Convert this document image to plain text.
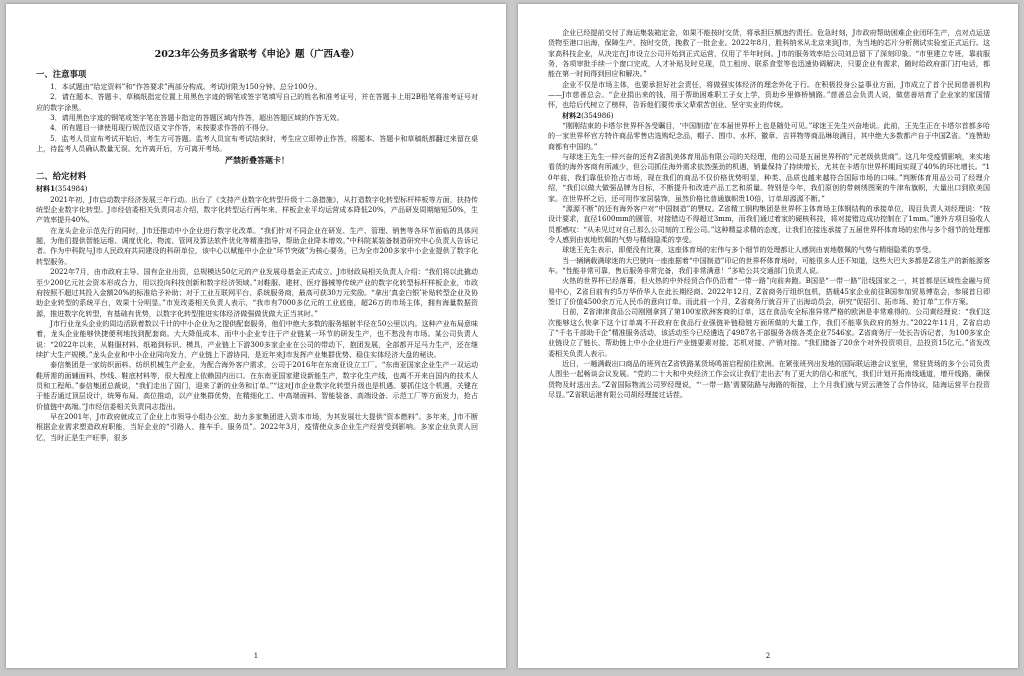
2023年公务员多省联考《申论》题（广西A卷）
一、注意事项

1．本试题由“给定资料”和“作答要求”两部分构成。考试时限为150分钟。总分100分。

2．请在题本、答题卡、草稿纸指定位置上用黑色字迹的钢笔或签字笔填写自己的姓名和准考证号，并在答题卡上用2B铅笔将准考证号对应的数字涂黑。

3．请用黑色字迹的钢笔或签字笔在答题卡指定的答题区域内作答，超出答题区域的作答无效。

4．所有题目一律使用现行规范汉语文字作答，未按要求作答的不得分。

5．监考人员宣布考试开始后，考生方可答题。监考人员宣布考试结束时，考生应立即停止作答，将题本、答题卡和草稿纸都翻过来留在桌上，待监考人员确认数量无误、允许离开后，方可离开考场。

严禁折叠答题卡！
二、给定材料
材料1(354984)

2021年初，J市启动数字经济发展三年行动。出台了《支持产业数字化转型升级十二条措施》，从打造数字化转型标杆样板等方面，扶持传统型企业数字化转型。J市经信委相关负责同志介绍，数字化转型运行两年来，样板企业平均运营成本降低20%，产品研发周期缩短50%，生产效率提升40%。

在龙头企业示范先行的同时，J市还推动中小企业进行数字化改革。“我们针对不同企业在研发、生产、管理、销售等各环节面临的具体问题，为他们提供智能运维、调度优化、物流、管网及算法软件优化等精准指导，帮助企业降本增效。”中科院某装备制造研究中心负责人告诉记者。作为中科院与J市人民政府共同建设的科研单位，该中心以赋能中小企业“环节突破”为核心要务，已为全市200多家中小企业提供了数字化转型服务。

2022年7月，由市政府主导、国有企业出资，总规模达50亿元的产业发展母基金正式成立。J市财政局相关负责人介绍：“我们将以此撬动至少200亿元社会资本形成合力，用以投向科技创新和数字经济领域。”对鞋服、建材、医疗器械等传统产业的数字化转型标杆样板企业，市政府按照不超过其投入金额20%的标准给予补助；对于工业互联网平台、系统服务商，最高可获30万元奖励。“拿出‘真金白银’补贴转型企业及协助企业转型的系统平台，效果十分明显。”市发改委相关负责人表示，“我市有7000多亿元的工业底座，超26万的市场主体，拥有海量数据资源，推进数字化转型，有基础有优势，以数字化转型推进实体经济做强做优做大正当其时。”

J市行业龙头企业的周边活跃着数以千计的中小企业为之提供配套服务，他们中绝大多数的服务辐射半径在50公里以内。这种产业布局意味着，龙头企业能够快捷便利地找到配套商。大大降低成本，而中小企业专注于产业链某一环节的研发生产，也不愁没有市场。某公司负责人说：“2022年以来，从鞋服材料、纸箱到标识、模具，产业链上下游300多家企业在公司的带动下，抱团发展，全部都开足马力生产，还在继续扩大生产规模。”龙头企业和中小企业同向发力，产业链上下游协同，是近年来J市发挥产业集群优势、稳住实体经济大盘的秘诀。

泰信集团是一家纺织面料、纺织机械生产企业，为配合海外客户需求，公司于2016年在东南亚设立工厂。“东南亚国家企业生产一双运动鞋所需的面辅面料、纱线、鞋底材料等，很大程度上依赖国内出口。在东南亚国家建设新能生产，数字化生产线，也离不开来自国内的技术人员和工程师。”泰信集团总裁说，“我们走出了国门，迎来了新的业务和订单。”“这对J市企业数字化转型升级也是机遇。要抓住这个机遇，关键在于能否通过顶层设计，统筹布局、高位推动，以产业集群优势，在精细化工、中高端面料、智能装备、高端设备、示范工厂等方面发力，抢占价值链中高端。”J市经信委相关负责同志指出。

早在2001年，J市政府就成立了企业上市领导小组办公室，助力多家集团进入资本市场，为其发展壮大提供“资本燃料”。多年来，J市不断根据企业需求塑造政府职能，当好企业的“引路人、推车手、服务员”。2022年3月，疫情使众多企业生产经营受到影响。多家企业负责人回忆，当时正是生产旺季，很多

1

企业已经提前交付了海运集装箱定金，如果不能按时交货，将承担巨额违约责任。危急时刻，J市政府帮助困难企业闭环生产，点对点运送货物至港口出海，保障生产、按时交货，挽救了一批企业。2022年8月，胜科纳米从北京来到J市，为当地的芯片分析测试实验室正式运行。这家高科技企业，从决定在J市设立公司开始到正式运营，仅用了半年时间。J市的服务效率给公司刘总留下了深刻印象。“市里建立专班，靠前服务，各项审批手续一个窗口完成，人才补贴及时兑现，员工租房、联系食堂等也迅速协调解决，只要企业有需求，随时给政府部门打电话，都能在第一时间得到回应和解决。”

企业不仅是市场主体，也要承担好社会责任，将做强实体经济的理念外化于行。在积极投身公益事业方面，J市成立了首个民间慈善机构——J市慈善总会。“企业捐出来的钱，用于帮助困难职工子女上学，资助乡里修桥铺路。”慈善总会负责人说，做慈善培育了企业家的家国情怀，也给后代树立了榜样，告诉他们要传承父辈艰苦创业、坚守实业的传统。

材料2(354986)

“刚刚结束的卡塔尔世界杯各受瞩目，‘中国制造’在本届世界杯上也是随处可见。”球迷王先生兴奋地说。此前，王先生正在卡塔尔首都多哈的一家世界杯官方特许商品零售店选购纪念品，帽子、围巾、水杯、徽章、吉祥物等商品琳琅满目，其中绝大多数都产自于中国Z省。“连赞助商都有中国的。”

与球迷王先生一样兴奋的还有Z省凯美体育用品有限公司的关经理，他的公司是五届世界杯的“元老级供货商”。这几年受疫情影响，来实地看货的海外客商有所减少，但公司抓住海外需求依然强劲的机遇，销量保持了持续增长，尤其在卡塔尔世界杯期间实现了40%的环比增长。“10年前，我们靠低价抢占市场，现在我们的商品不仅价格优势明显，种类、品质也越来越符合国际市场的口味。”判断体育用品公司了经理介绍，“我们以做大做强品牌为目标，不断提升和改进产品工艺和质量。特别是今年，我们原创的带刺绣图案的牛津布旗帜，大量出口到欧美国家。在世界杯之后，还可用作家居装饰，虽然价格比普通旗帜贵10倍，订单却源源不断。”

“源源不断”的还有海外客户对“中国制造”的赞叹。Z省精工钢构集团是世界杯主体育场主体钢结构的承接单位，现目负责人刘经理说：“按设计要求，直径1600mm的圆管，对接错边不得超过3mm，而我们通过着家的硬核科技，将对接错边成功控制在了1mm。”速外方项目验收人员都感叹：“从未见过对自己那么公司刻的工程公司。”这种精益求精的态度，让我们在接连承接了五届世界杯体育场的宏伟与多个细节的处理都令人感到由衷地钦佩的气势与精细隐柔的享受。

球迷王先生表示，即便没有比赛，这座体育场的宏伟与多个细节的处理都让人感到由衷地敬佩的气势与精细隐柔的享受。

当一辆辆载满球迷的大巴驶向一座座据着“中国制造”印记的世界杯体育场时，可能很多人还不知道，这些大巴大多都是Z省生产的新能源客车。“性能非常可靠，售后服务非常完备，我们非常满意！”多哈公共交通部门负责人说。

火热的世界杯已经落幕，但火热的中外经贸合作仍沿着“一带一路”向前奔跑。B国是“一带一路”沿线国家之一，其首都是区域性金融与贸易中心，Z省目前有约5万华侨华人在此长期经商。2022年12月，Z省商务厅组织包机，搭载45家企业前往B国参加贸易博览会，参展首日即签订了价值4500余万元人民币的意向订单。而此前一个月，Z省商务厅就召开了出海动员会，研究“促招引、拓市场、抢订单”工作方案。

日前，Z省津津食品公司刚刚拿到了第100家欧洲客商的订单，这在食品安全标准异常严格的欧洲是非常难得的。公司黄经理说：“我们这次能够这么快拿下这个订单离不开政府在食品行业强链补链稳链方面所做的大量工作，我们不能辜负政府的努力。”2022年11月，Z省启动了“千名千部助千企”精准服务活动，该活动至今已经遴选了4987名干部服务各级各类企业7546家。Z省商务厅一处长告诉记者，为100多家企业链设立了链长，帮助链上中小企业进行产业链要素对接、芯机对接、产销对接。“我们储备了20余个对外投资项目，总投资15亿元。”省发改委相关负责人表示。

近日，一趟满载出口商品的班列在Z省铁路某货场鸣笛启程前往欧洲。在紧张班列出发地的国际联运港会议室里，常驻货场的多个公司负责人围坐一起畅谈会议发展。“党的二十大和中央经济工作会议让我们‘走出去’有了更大的信心和底气，我们计划开拓南线通道，增开线路，确保货物及时送出去。”Z省国际物流公司罗经理说，“‘一带一路’需要陆路与海路的衔接，上个月我们就与贸云港签了合作协议，陆海运营平台投资尽显。”Z省联运港有限公司胡经理接过话茬。

2
